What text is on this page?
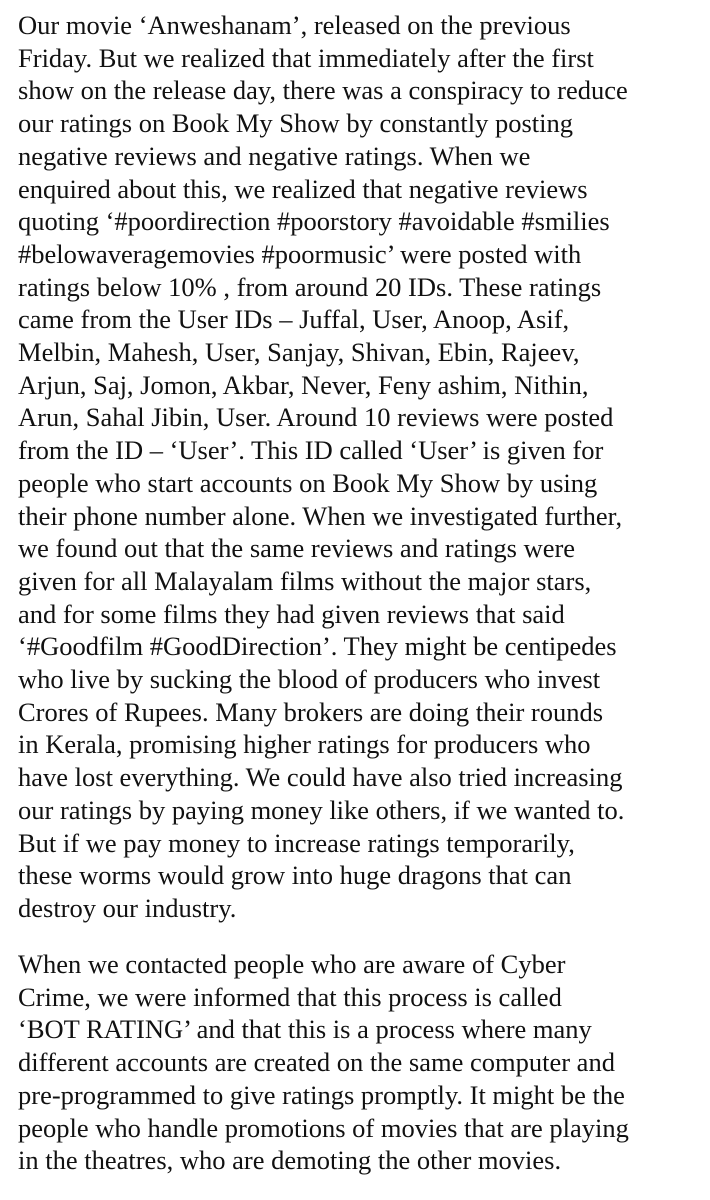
Our movie ‘Anweshanam’, released on the previous
Friday. But we realized that immediately after the first
show on the release day, there was a conspiracy to reduce
our ratings on Book My Show by constantly posting
negative reviews and negative ratings. When we
enquired about this, we realized that negative reviews
quoting ‘#poordirection #poorstory #avoidable #smilies
#belowaveragemovies #poormusic’ were posted with
ratings below 10% , from around 20 IDs. These ratings
came from the User IDs – Juffal, User, Anoop, Asif,
Melbin, Mahesh, User, Sanjay, Shivan, Ebin, Rajeev,
Arjun, Saj, Jomon, Akbar, Never, Feny ashim, Nithin,
Arun, Sahal Jibin, User. Around 10 reviews were posted
from the ID – ‘User’. This ID called ‘User’ is given for
people who start accounts on Book My Show by using
their phone number alone. When we investigated further,
we found out that the same reviews and ratings were
given for all Malayalam films without the major stars,
and for some films they had given reviews that said
‘#Goodfilm #GoodDirection’. They might be centipedes
who live by sucking the blood of producers who invest
Crores of Rupees. Many brokers are doing their rounds
in Kerala, promising higher ratings for producers who
have lost everything. We could have also tried increasing
our ratings by paying money like others, if we wanted to.
But if we pay money to increase ratings temporarily,
these worms would grow into huge dragons that can
destroy our industry.
When we contacted people who are aware of Cyber
Crime, we were informed that this process is called
‘BOT RATING’ and that this is a process where many
different accounts are created on the same computer and
pre-programmed to give ratings promptly. It might be the
people who handle promotions of movies that are playing
in the theatres, who are demoting the other movies.
